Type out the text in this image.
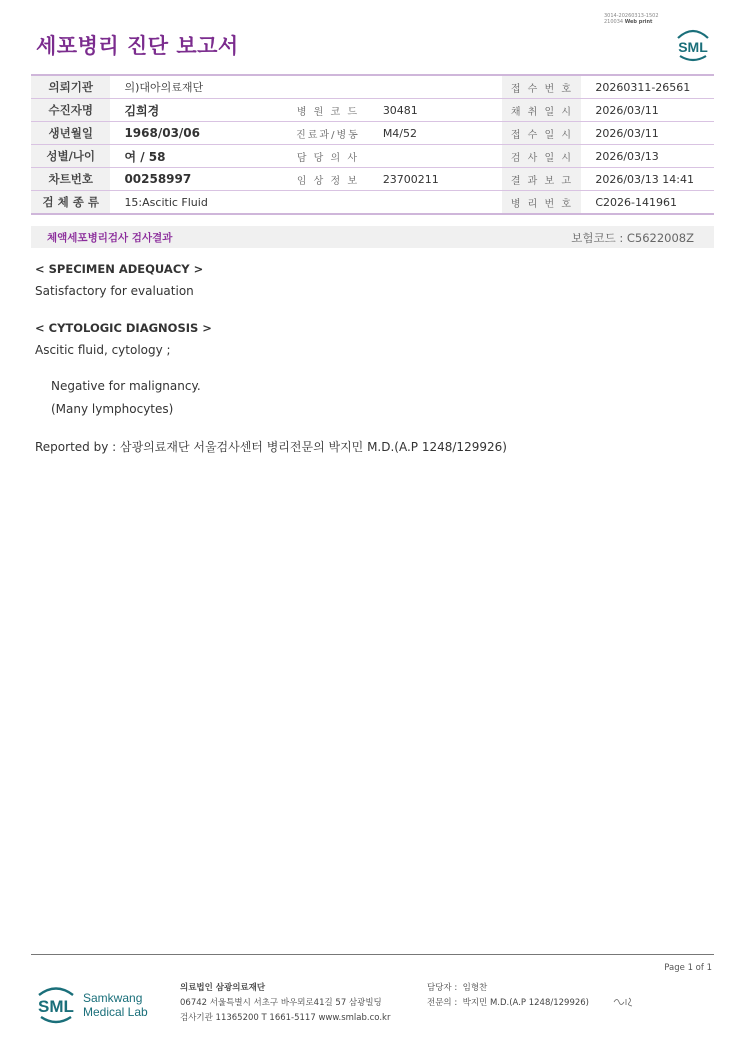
3014-20260313-1502
210034 Web print
세포병리 진단 보고서	SML
의뢰기관	의)대아의료재단			접 수 번 호	20260311-26561
수진자명	김희경	병 원 코 드	30481	채 취 일 시	2026/03/11
생년월일	1968/03/06	진료과/병동	M4/52	접 수 일 시	2026/03/11
성별/나이	여 / 58	담 당 의 사		검 사 일 시	2026/03/13
차트번호	00258997	임 상 정 보	23700211	결 과 보 고	2026/03/13 14:41
검 체 종 류	15:Ascitic Fluid			병 리 번 호	C2026-141961
체액세포병리검사 검사결과	보험코드 : C5622008Z
< SPECIMEN ADEQUACY >
Satisfactory for evaluation
< CYTOLOGIC DIAGNOSIS >
Ascitic fluid, cytology ;
Negative for malignancy.
(Many lymphocytes)
Reported by : 삼광의료재단 서울검사센터 병리전문의 박지민 M.D.(A.P 1248/129926)
Page 1 of 1
SML Samkwang
Medical Lab
의료법인 삼광의료재단
06742 서울특별시 서초구 바우뫼로41길 57 삼광빌딩
검사기관 11365200 T 1661-5117 www.smlab.co.kr
담당자 : 임형찬
전문의 : 박지민 M.D.(A.P 1248/129926)
